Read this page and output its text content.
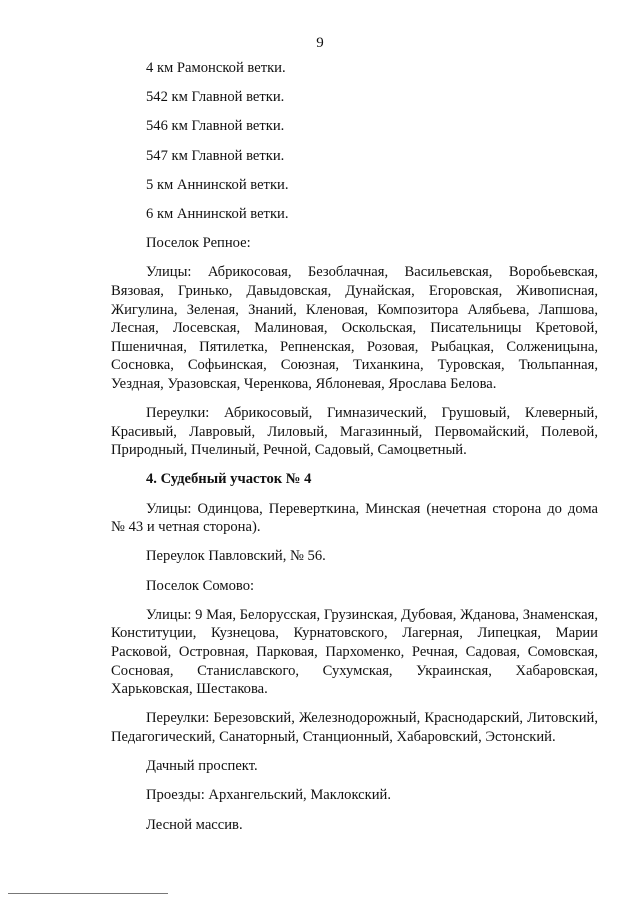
9

4 км Рамонской ветки.

542 км Главной ветки.

546 км Главной ветки.

547 км Главной ветки.

5 км Аннинской ветки.

6 км Аннинской ветки.

Поселок Репное:

Улицы: Абрикосовая, Безоблачная, Васильевская, Воробьевская, Вязовая, Гринько, Давыдовская, Дунайская, Егоровская, Живописная, Жигулина, Зеленая, Знаний, Кленовая, Композитора Алябьева, Лапшова, Лесная, Лосевская, Малиновая, Оскольская, Писательницы Кретовой, Пшеничная, Пятилетка, Репненская, Розовая, Рыбацкая, Солженицына, Сосновка, Софьинская, Союзная, Тиханкина, Туровская, Тюльпанная, Уездная, Уразовская, Черенкова, Яблоневая, Ярослава Белова.

Переулки: Абрикосовый, Гимназический, Грушовый, Клеверный, Красивый, Лавровый, Лиловый, Магазинный, Первомайский, Полевой, Природный, Пчелиный, Речной, Садовый, Самоцветный.

4. Судебный участок № 4

Улицы: Одинцова, Переверткина, Минская (нечетная сторона до дома № 43 и четная сторона).

Переулок Павловский, № 56.

Поселок Сомово:

Улицы: 9 Мая, Белорусская, Грузинская, Дубовая, Жданова, Знаменская, Конституции, Кузнецова, Курнатовского, Лагерная, Липецкая, Марии Расковой, Островная, Парковая, Пархоменко, Речная, Садовая, Сомовская, Сосновая, Станиславского, Сухумская, Украинская, Хабаровская, Харьковская, Шестакова.

Переулки: Березовский, Железнодорожный, Краснодарский, Литовский, Педагогический, Санаторный, Станционный, Хабаровский, Эстонский.

Дачный проспект.

Проезды: Архангельский, Маклокский.

Лесной массив.
